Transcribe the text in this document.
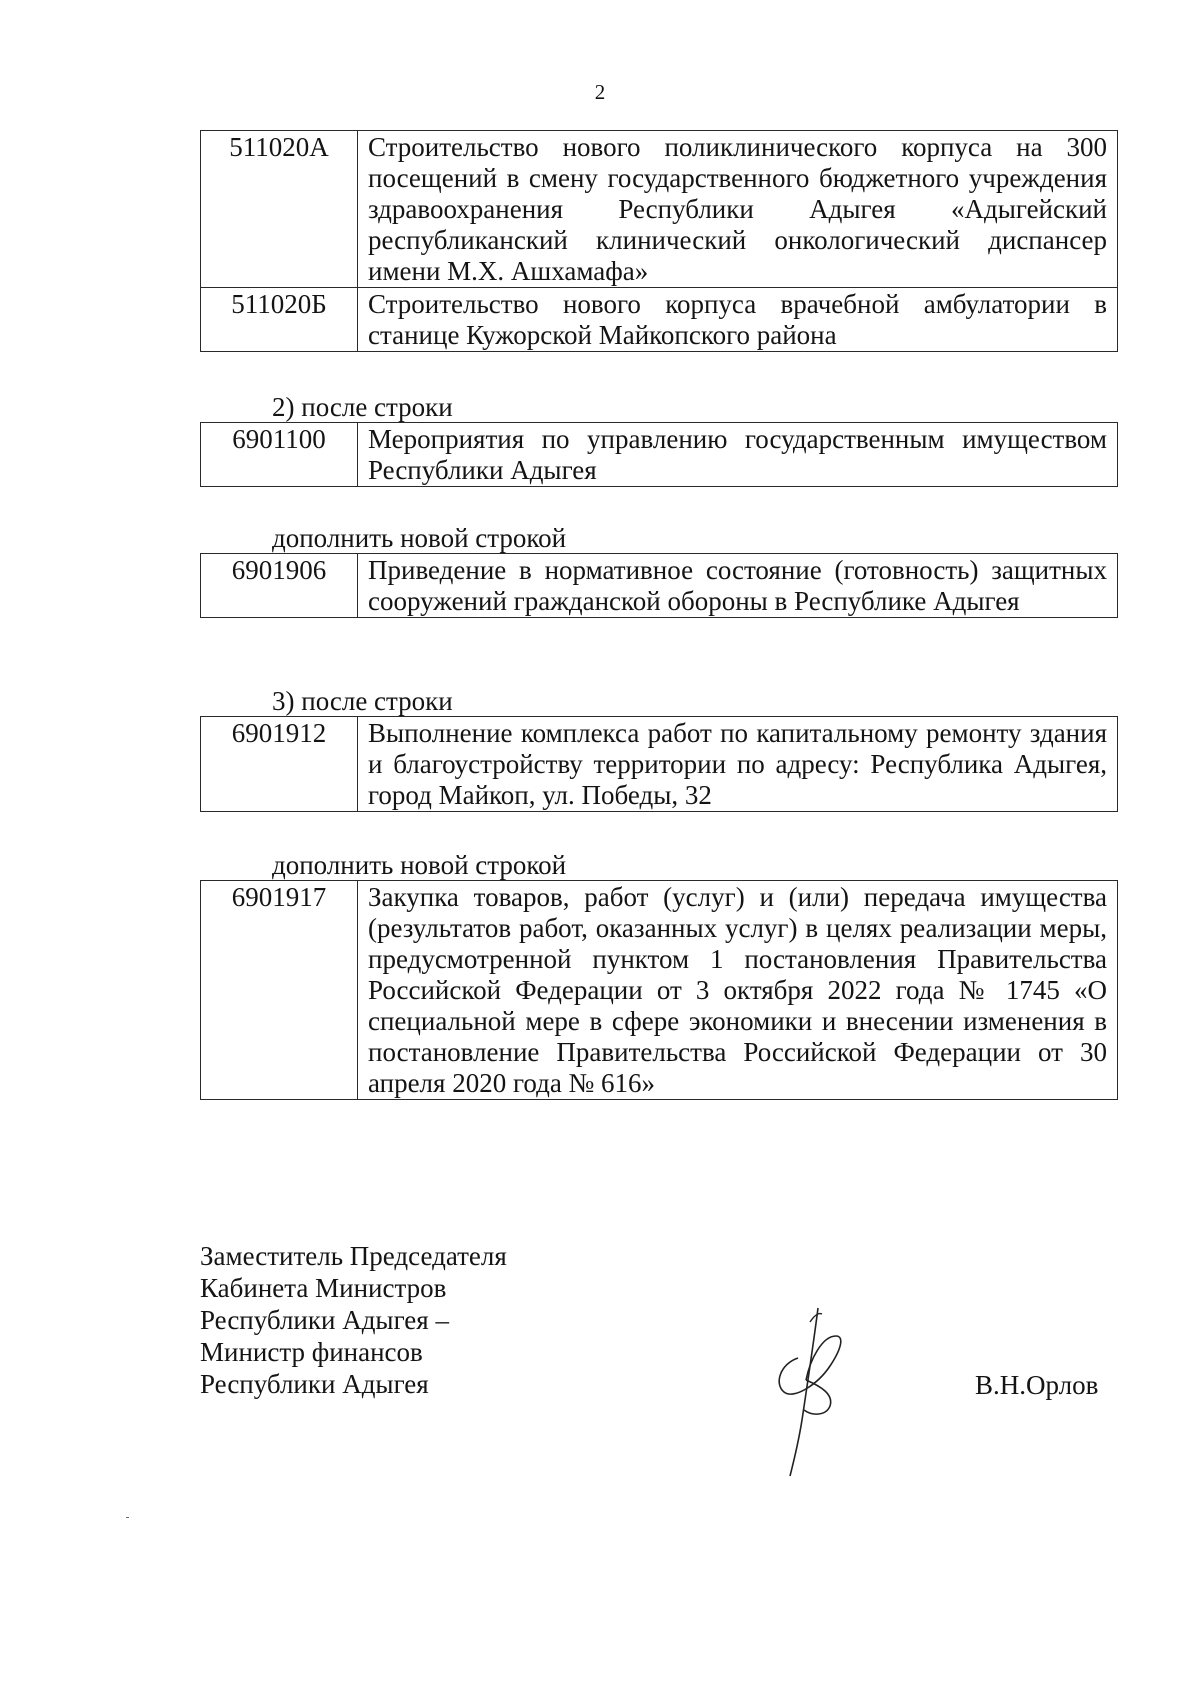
2
511020А	Строительство нового поликлинического корпуса на 300 посещений в смену государственного бюджетного учреждения здравоохранения Республики Адыгея «Адыгейский республиканский клинический онкологический диспансер имени М.Х. Ашхамафа»
511020Б	Строительство нового корпуса врачебной амбулатории в станице Кужорской Майкопского района
2) после строки
6901100	Мероприятия по управлению государственным имуществом Республики Адыгея
дополнить новой строкой
6901906	Приведение в нормативное состояние (готовность) защитных сооружений гражданской обороны в Республике Адыгея
3) после строки
6901912	Выполнение комплекса работ по капитальному ремонту здания и благоустройству территории по адресу: Республика Адыгея, город Майкоп, ул. Победы, 32
дополнить новой строкой
6901917	Закупка товаров, работ (услуг) и (или) передача имущества (результатов работ, оказанных услуг) в целях реализации меры, предусмотренной пунктом 1 постановления Правительства Российской Федерации от 3 октября 2022 года № 1745 «О специальной мере в сфере экономики и внесении изменения в постановление Правительства Российской Федерации от 30 апреля 2020 года № 616»
Заместитель Председателя
Кабинета Министров
Республики Адыгея –
Министр финансов
Республики Адыгея	В.Н.Орлов
